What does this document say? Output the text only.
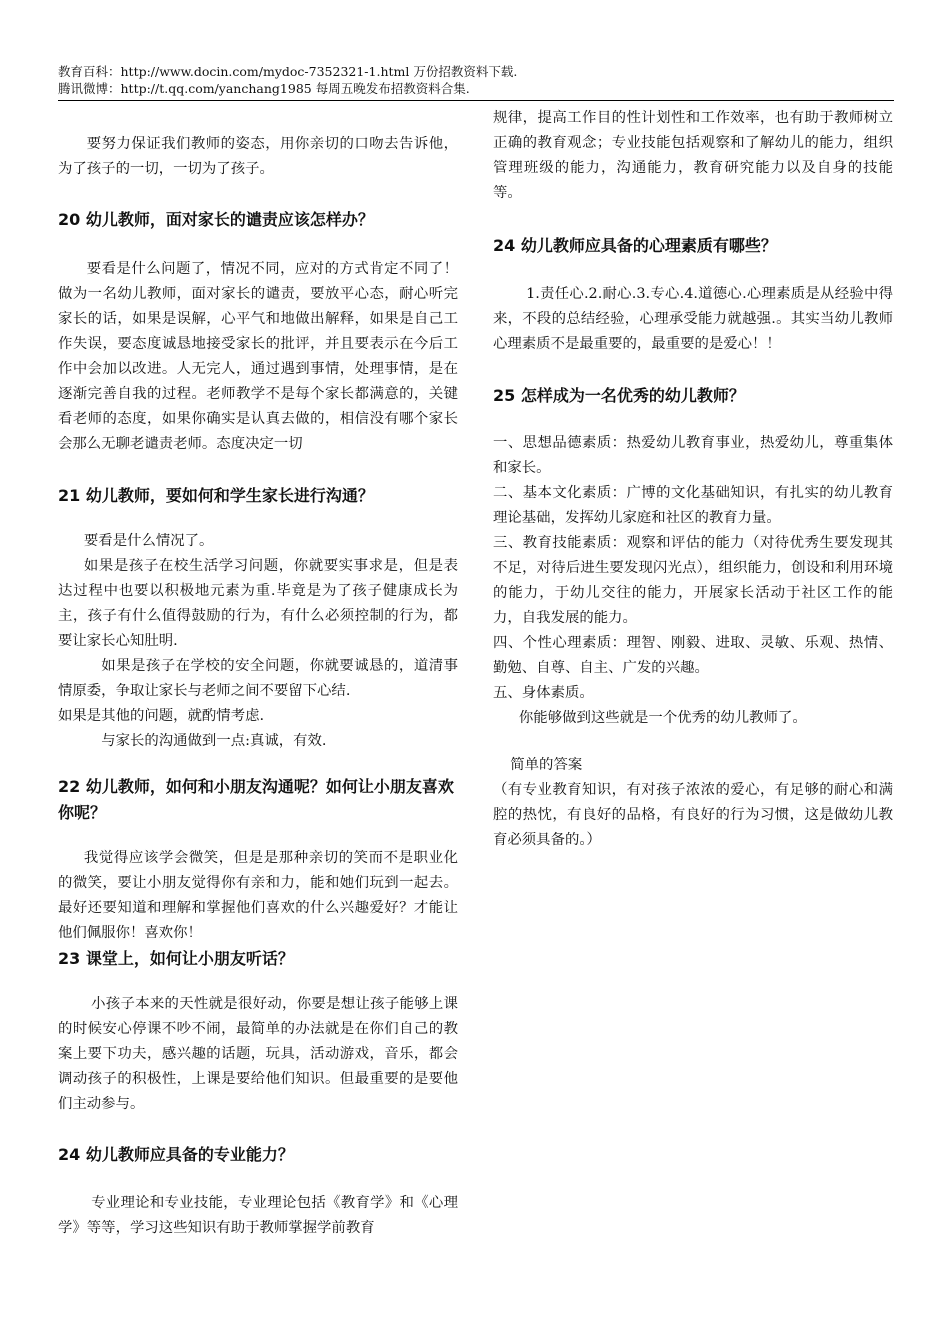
教育百科：http://www.docin.com/mydoc-7352321-1.html 万份招教资料下载.
腾讯微博：http://t.qq.com/yanchang1985 每周五晚发布招教资料合集.

要努力保证我们教师的姿态，用你亲切的口吻去告诉他，为了孩子的一切，一切为了孩子。

20 幼儿教师，面对家长的谴责应该怎样办？

要看是什么问题了，情况不同，应对的方式肯定不同了！做为一名幼儿教师，面对家长的谴责，要放平心态，耐心听完家长的话，如果是误解，心平气和地做出解释，如果是自己工作失误，要态度诚恳地接受家长的批评，并且要表示在今后工作中会加以改进。人无完人，通过遇到事情，处理事情，是在逐渐完善自我的过程。老师教学不是每个家长都满意的，关键看老师的态度，如果你确实是认真去做的，相信没有哪个家长会那么无聊老谴责老师。态度决定一切

21 幼儿教师，要如何和学生家长进行沟通？

要看是什么情况了。

如果是孩子在校生活学习问题，你就要实事求是，但是表达过程中也要以积极地元素为重.毕竟是为了孩子健康成长为主，孩子有什么值得鼓励的行为，有什么必须控制的行为，都要让家长心知肚明.

如果是孩子在学校的安全问题，你就要诚恳的，道清事情原委，争取让家长与老师之间不要留下心结.

如果是其他的问题，就酌情考虑.

与家长的沟通做到一点:真诚，有效.

22 幼儿教师，如何和小朋友沟通呢？如何让小朋友喜欢你呢？

我觉得应该学会微笑，但是是那种亲切的笑而不是职业化的微笑，要让小朋友觉得你有亲和力，能和她们玩到一起去。最好还要知道和理解和掌握他们喜欢的什么兴趣爱好？才能让他们佩服你！喜欢你！

23 课堂上，如何让小朋友听话？

小孩子本来的天性就是很好动，你要是想让孩子能够上课的时候安心停课不吵不闹，最简单的办法就是在你们自己的教案上要下功夫，感兴趣的话题，玩具，活动游戏，音乐，都会调动孩子的积极性，上课是要给他们知识。但最重要的是要他们主动参与。

24 幼儿教师应具备的专业能力？

专业理论和专业技能，专业理论包括《教育学》和《心理学》等等，学习这些知识有助于教师掌握学前教育

规律，提高工作目的性计划性和工作效率，也有助于教师树立正确的教育观念；专业技能包括观察和了解幼儿的能力，组织管理班级的能力，沟通能力，教育研究能力以及自身的技能等。

24 幼儿教师应具备的心理素质有哪些？

1.责任心.2.耐心.3.专心.4.道德心.心理素质是从经验中得来，不段的总结经验，心理承受能力就越强.。其实当幼儿教师心理素质不是最重要的，最重要的是爱心！！

25 怎样成为一名优秀的幼儿教师？

一、思想品德素质：热爱幼儿教育事业，热爱幼儿，尊重集体和家长。

二、基本文化素质：广博的文化基础知识，有扎实的幼儿教育理论基础，发挥幼儿家庭和社区的教育力量。

三、教育技能素质：观察和评估的能力（对待优秀生要发现其不足，对待后进生要发现闪光点），组织能力，创设和利用环境的能力，于幼儿交往的能力，开展家长活动于社区工作的能力，自我发展的能力。

四、个性心理素质：理智、刚毅、进取、灵敏、乐观、热情、勤勉、自尊、自主、广发的兴趣。

五、身体素质。

你能够做到这些就是一个优秀的幼儿教师了。

简单的答案

（有专业教育知识，有对孩子浓浓的爱心，有足够的耐心和满腔的热忱，有良好的品格，有良好的行为习惯，这是做幼儿教育必须具备的。）
